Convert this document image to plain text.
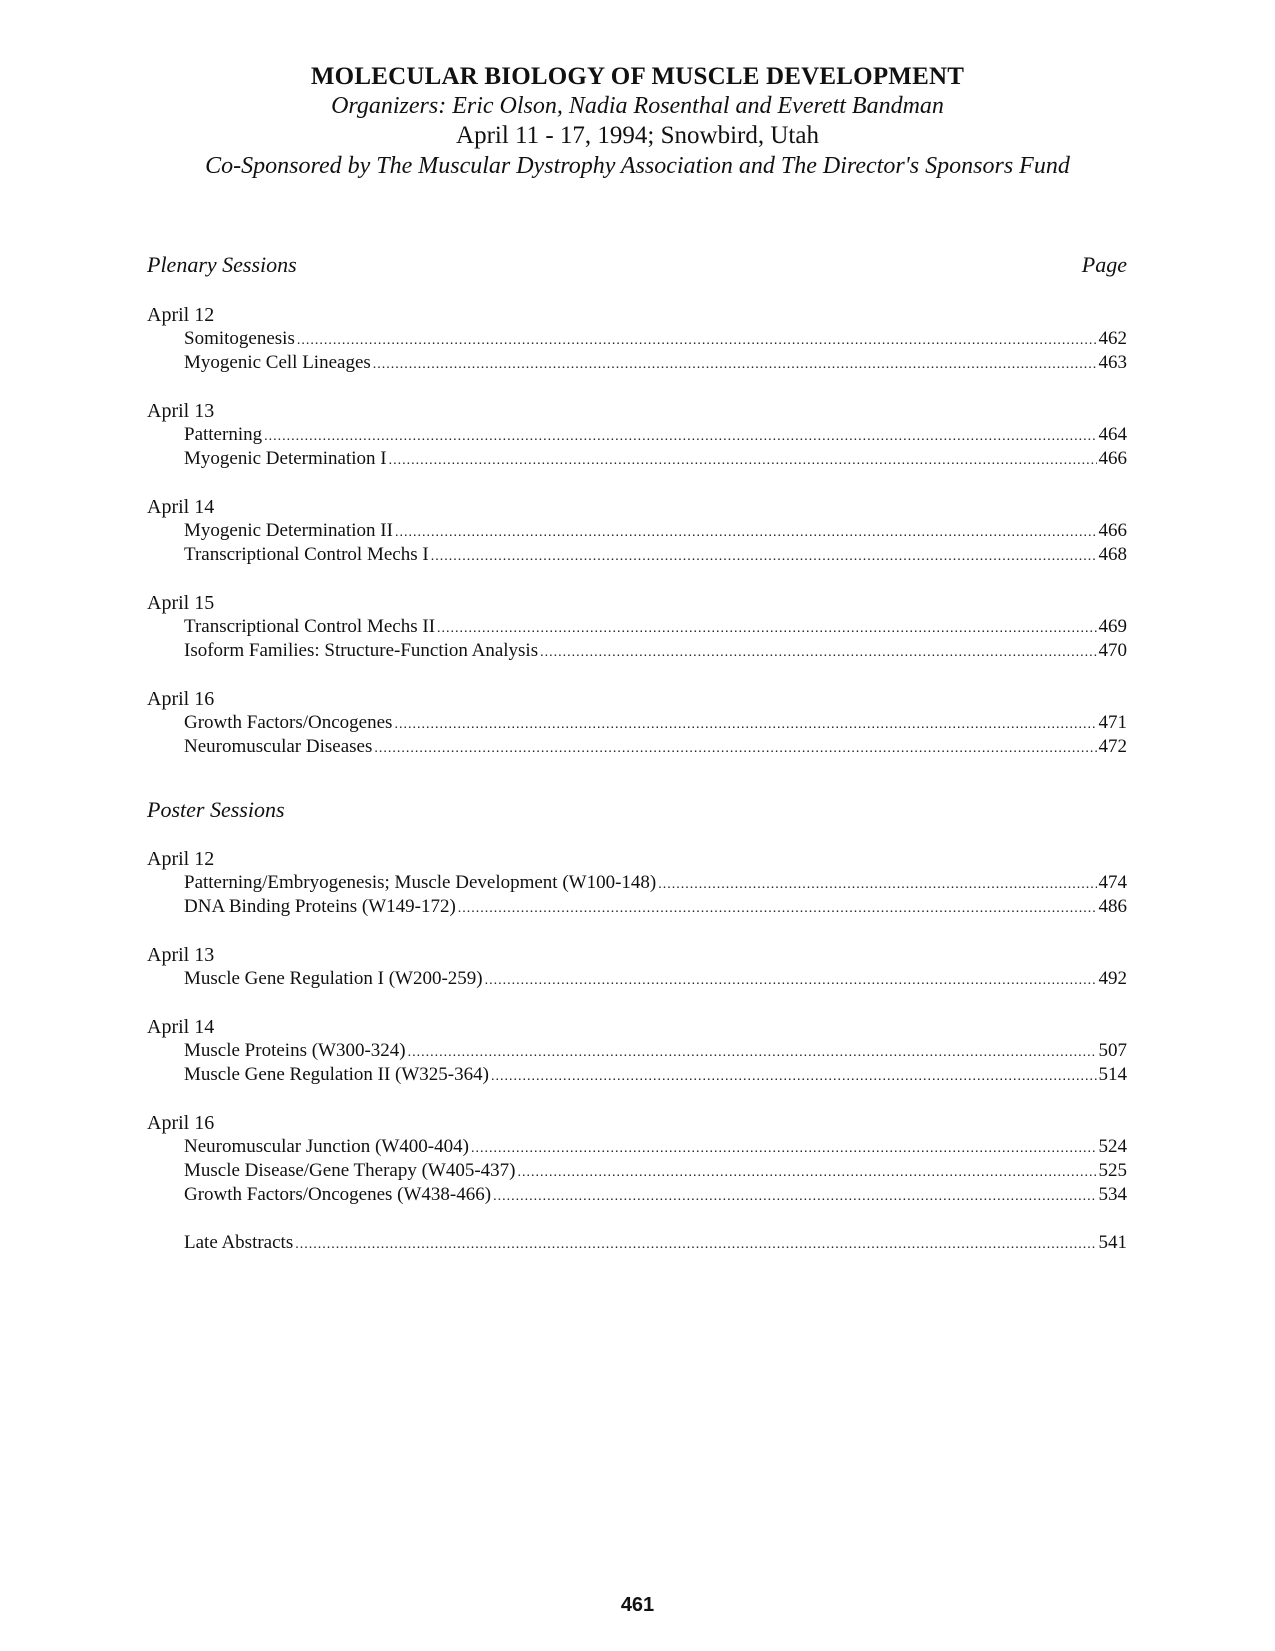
MOLECULAR BIOLOGY OF MUSCLE DEVELOPMENT
Organizers: Eric Olson, Nadia Rosenthal and Everett Bandman
April 11 - 17, 1994; Snowbird, Utah
Co-Sponsored by The Muscular Dystrophy Association and The Director's Sponsors Fund
Plenary Sessions	Page
April 12
Somitogenesis .....	462
Myogenic Cell Lineages .....	463
April 13
Patterning .....	464
Myogenic Determination I .....	466
April 14
Myogenic Determination II .....	466
Transcriptional Control Mechs I .....	468
April 15
Transcriptional Control Mechs II .....	469
Isoform Families: Structure-Function Analysis .....	470
April 16
Growth Factors/Oncogenes .....	471
Neuromuscular Diseases .....	472
Poster Sessions
April 12
Patterning/Embryogenesis; Muscle Development (W100-148) .....	474
DNA Binding Proteins (W149-172) .....	486
April 13
Muscle Gene Regulation I (W200-259) .....	492
April 14
Muscle Proteins (W300-324) .....	507
Muscle Gene Regulation II (W325-364) .....	514
April 16
Neuromuscular Junction (W400-404) .....	524
Muscle Disease/Gene Therapy (W405-437) .....	525
Growth Factors/Oncogenes (W438-466) .....	534
Late Abstracts .....	541
461
